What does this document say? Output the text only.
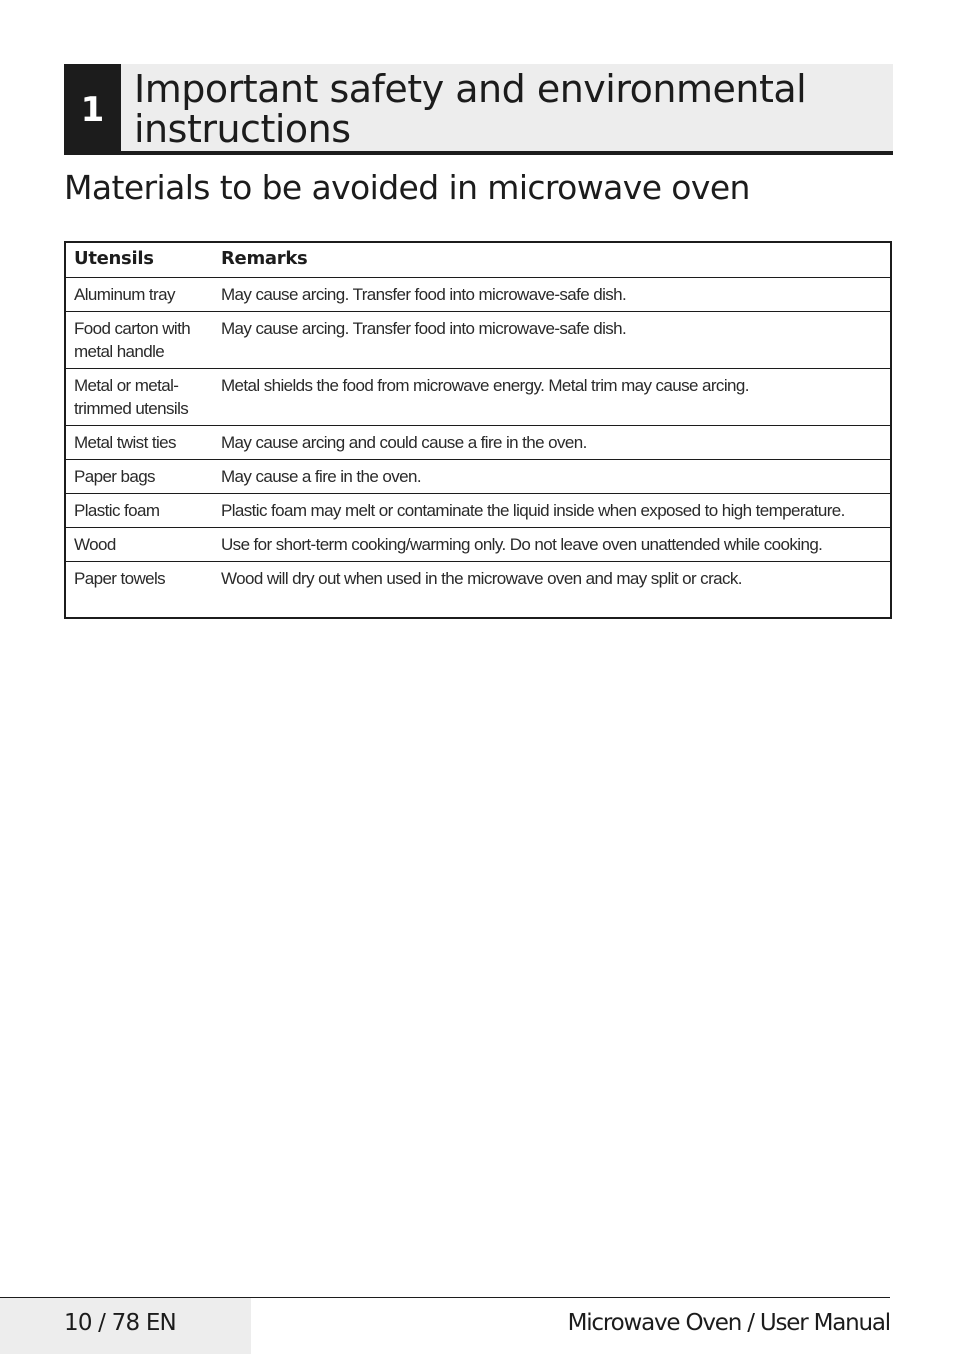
1 Important safety and environmental instructions
Materials to be avoided in microwave oven
Utensils	Remarks
Aluminum tray	May cause arcing. Transfer food into microwave-safe dish.
Food carton with metal handle	May cause arcing. Transfer food into microwave-safe dish.
Metal or metal-trimmed utensils	Metal shields the food from microwave energy. Metal trim may cause arcing.
Metal twist ties	May cause arcing and could cause a fire in the oven.
Paper bags	May cause a fire in the oven.
Plastic foam	Plastic foam may melt or contaminate the liquid inside when exposed to high temperature.
Wood	Use for short-term cooking/warming only. Do not leave oven unattended while cooking.
Paper towels	Wood will dry out when used in the microwave oven and may split or crack.
10 / 78 EN	Microwave Oven / User Manual
